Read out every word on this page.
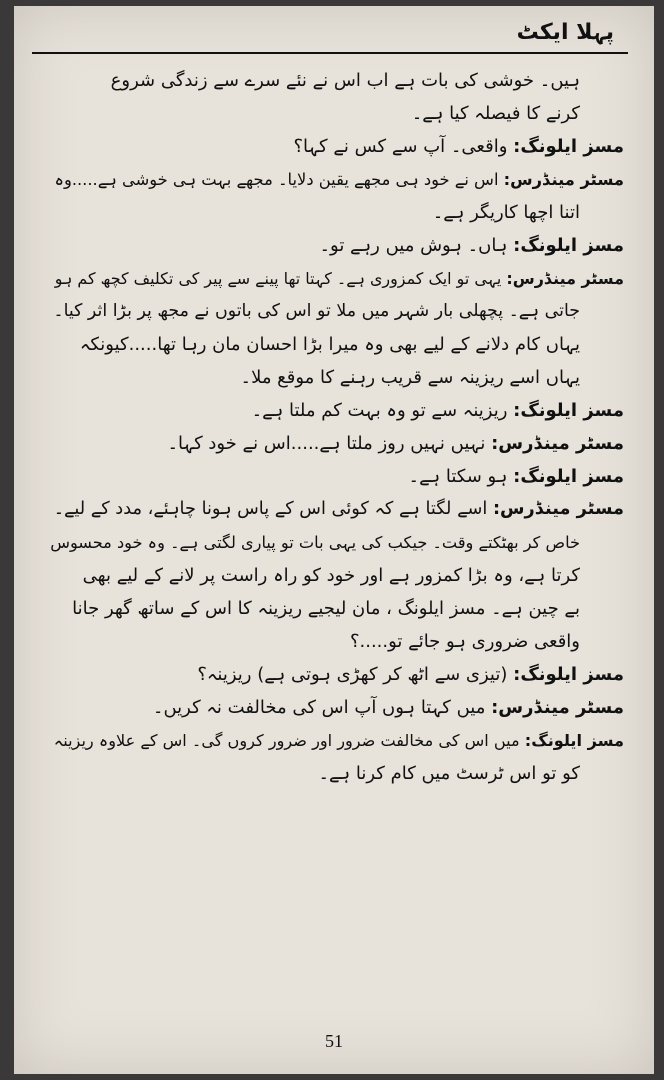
پہلا ایکٹ
ہیں۔ خوشی کی بات ہے اب اس نے نئے سرے سے زندگی شروع
کرنے کا فیصلہ کیا ہے۔
مسز ایلونگ: واقعی۔ آپ سے کس نے کہا؟
مسٹر مینڈرس: اس نے خود ہی مجھے یقین دلایا۔ مجھے بہت ہی خوشی ہے.....وہ
اتنا اچھا کاریگر ہے۔
مسز ایلونگ: ہاں۔ ہوش میں رہے تو۔
مسٹر مینڈرس: یہی تو ایک کمزوری ہے۔ کہتا تھا پینے سے پیر کی تکلیف کچھ کم ہو
جاتی ہے۔ پچھلی بار شہر میں ملا تو اس کی باتوں نے مجھ پر بڑا اثر کیا۔
یہاں کام دلانے کے لیے بھی وہ میرا بڑا احسان مان رہا تھا.....کیونکہ
یہاں اسے ریزینہ سے قریب رہنے کا موقع ملا۔
مسز ایلونگ: ریزینہ سے تو وہ بہت کم ملتا ہے۔
مسٹر مینڈرس: نہیں نہیں روز ملتا ہے.....اس نے خود کہا۔
مسز ایلونگ: ہو سکتا ہے۔
مسٹر مینڈرس: اسے لگتا ہے کہ کوئی اس کے پاس ہونا چاہئے، مدد کے لیے۔
خاص کر بھٹکتے وقت۔ جیکب کی یہی بات تو پیاری لگتی ہے۔ وہ خود محسوس
کرتا ہے، وہ بڑا کمزور ہے اور خود کو راہ راست پر لانے کے لیے بھی
بے چین ہے۔ مسز ایلونگ ، مان لیجیے ریزینہ کا اس کے ساتھ گھر جانا
واقعی ضروری ہو جائے تو.....؟
مسز ایلونگ: (تیزی سے اٹھ کر کھڑی ہوتی ہے) ریزینہ؟
مسٹر مینڈرس: میں کہتا ہوں آپ اس کی مخالفت نہ کریں۔
مسز ایلونگ: میں اس کی مخالفت ضرور اور ضرور کروں گی۔ اس کے علاوہ ریزینہ
کو تو اس ٹرسٹ میں کام کرنا ہے۔
51
